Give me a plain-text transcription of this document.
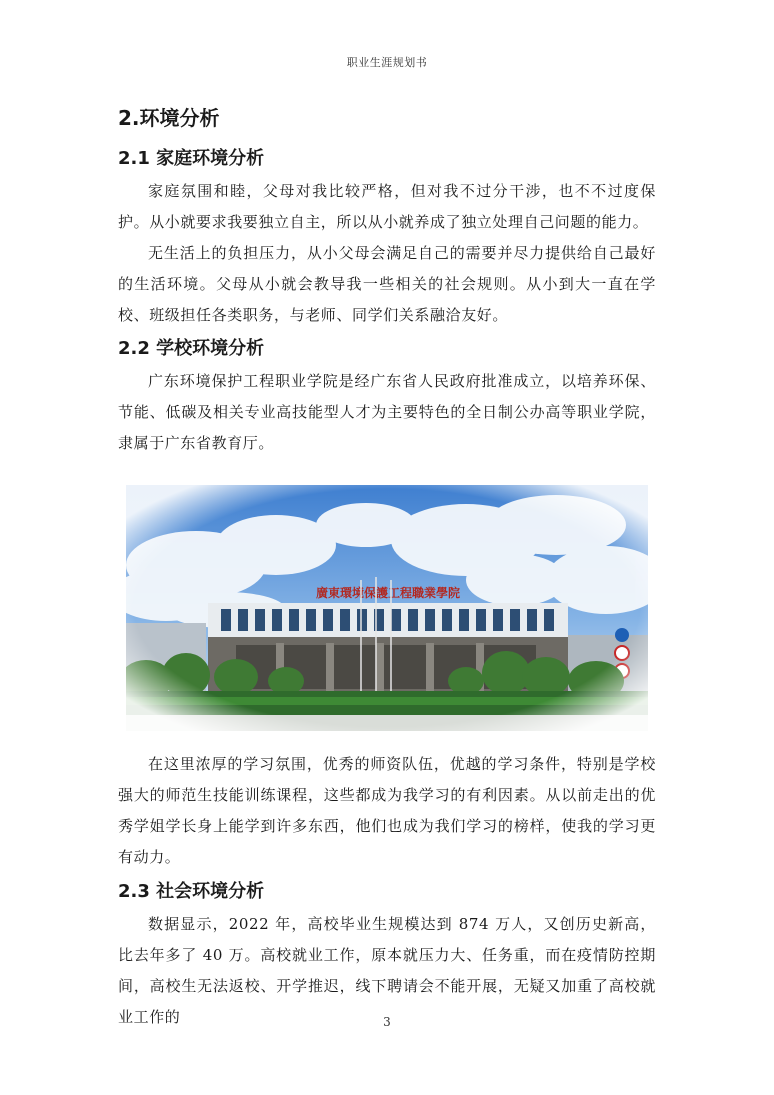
职业生涯规划书
2.环境分析
2.1 家庭环境分析

家庭氛围和睦，父母对我比较严格，但对我不过分干涉，也不不过度保护。从小就要求我要独立自主，所以从小就养成了独立处理自己问题的能力。

无生活上的负担压力，从小父母会满足自己的需要并尽力提供给自己最好的生活环境。父母从小就会教导我一些相关的社会规则。从小到大一直在学校、班级担任各类职务，与老师、同学们关系融洽友好。

2.2 学校环境分析

广东环境保护工程职业学院是经广东省人民政府批准成立，以培养环保、节能、低碳及相关专业高技能型人才为主要特色的全日制公办高等职业学院，隶属于广东省教育厅。

在这里浓厚的学习氛围，优秀的师资队伍，优越的学习条件，特别是学校强大的师范生技能训练课程，这些都成为我学习的有利因素。从以前走出的优秀学姐学长身上能学到许多东西，他们也成为我们学习的榜样，使我的学习更有动力。

2.3 社会环境分析

数据显示，2022 年，高校毕业生规模达到 874 万人，又创历史新高，比去年多了 40 万。高校就业工作，原本就压力大、任务重，而在疫情防控期间，高校生无法返校、开学推迟，线下聘请会不能开展，无疑又加重了高校就业工作的	3
